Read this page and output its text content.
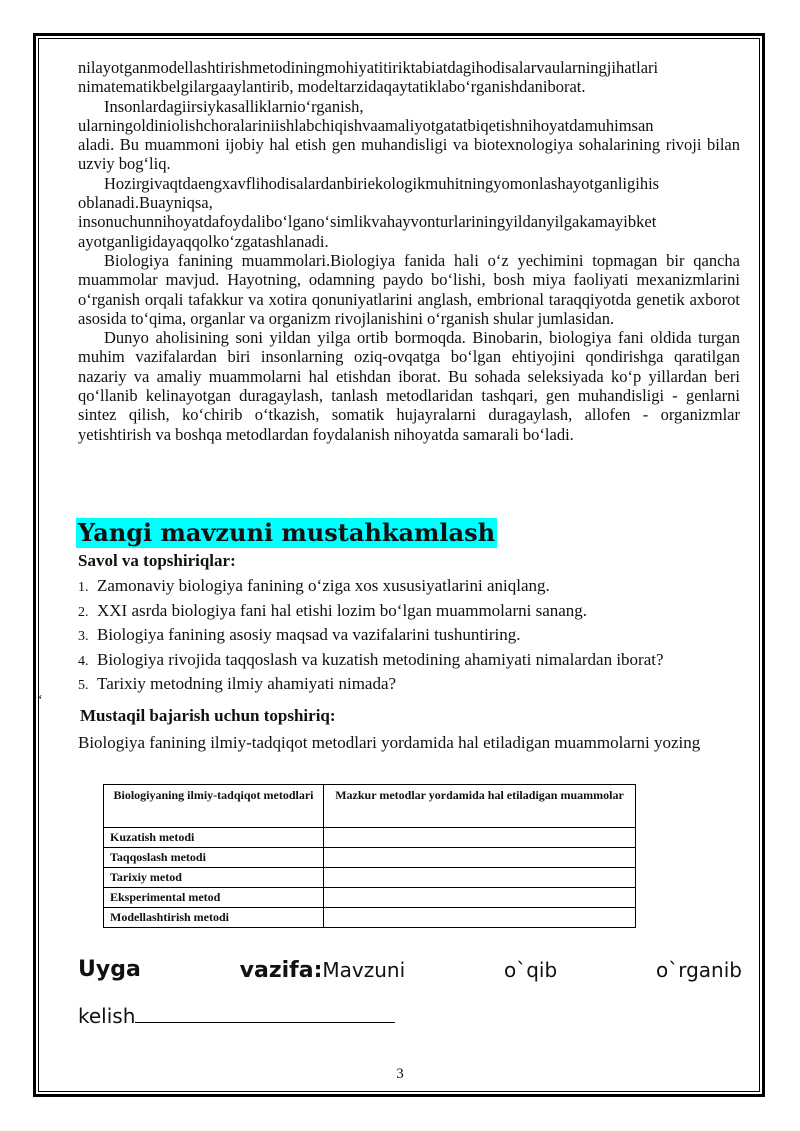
nilayotganmodellashtirishmetodiningmohiyatitiriktabiatdagihodisalarvaularningjihatlari

nimatematikbelgilargaaylantirib, modeltarzidaqaytatiklabo‘rganishdaniborat.

Insonlardagiirsiykasalliklarnio‘rganish,

ularningoldiniolishchoralariniishlabchiqishvaamaliyotgatatbiqetishnihoyatdamuhimsan

aladi. Bu muammoni ijobiy hal etish gen muhandisligi va biotexnologiya sohalarining rivoji bilan uzviy bog‘liq.

Hozirgivaqtdaengxavflihodisalardanbiriekologikmuhitningyomonlashayotganligihis

oblanadi.Buayniqsa,

insonuchunnihoyatdafoydalibo‘lgano‘simlikvahayvonturlariningyildanyilgakamayibket

ayotganligidayaqqolko‘zgatashlanadi.

Biologiya fanining muammolari.Biologiya fanida hali o‘z yechimini topmagan bir qancha muammolar mavjud. Hayotning, odamning paydo bo‘lishi, bosh miya faoliyati mexanizmlarini o‘rganish orqali tafakkur va xotira qonuniyatlarini anglash, embrional taraqqiyotda genetik axborot asosida to‘qima, organlar va organizm rivojlanishini o‘rganish shular jumlasidan.

Dunyo aholisining soni yildan yilga ortib bormoqda. Binobarin, biologiya fani oldida turgan muhim vazifalardan biri insonlarning oziq-ovqatga bo‘lgan ehtiyojini qondirishga qaratilgan nazariy va amaliy muammolarni hal etishdan iborat. Bu sohada seleksiyada ko‘p yillardan beri qo‘llanib kelinayotgan duragaylash, tanlash metodlaridan tashqari, gen muhandisligi - genlarni sintez qilish, ko‘chirib o‘tkazish, somatik hujayralarni duragaylash, allofen - organizmlar yetishtirish va boshqa metodlardan foydalanish nihoyatda samarali bo‘ladi.

Yangi mavzuni mustahkamlash

Savol va topshiriqlar:

1. Zamonaviy biologiya fanining o‘ziga xos xususiyatlarini aniqlang.
2. XXI asrda biologiya fani hal etishi lozim bo‘lgan muammolarni sanang.
3. Biologiya fanining asosiy maqsad va vazifalarini tushuntiring.
4. Biologiya rivojida taqqoslash va kuzatish metodining ahamiyati nimalardan iborat?
5. Tarixiy metodning ilmiy ahamiyati nimada?
‘

Mustaqil bajarish uchun topshiriq:

Biologiya fanining ilmiy-tadqiqot metodlari yordamida hal etiladigan muammolarni yozing

Biologiyaning ilmiy-tadqiqot metodlari	Mazkur metodlar yordamida hal etiladigan muammolar
Kuzatish metodi	
Taqqoslash metodi	
Tarixiy metod	
Eksperimental metod	
Modellashtirish metodi	
Uyga	vazifa:Mavzuni	o`qib	o`rganib
kelish
3
